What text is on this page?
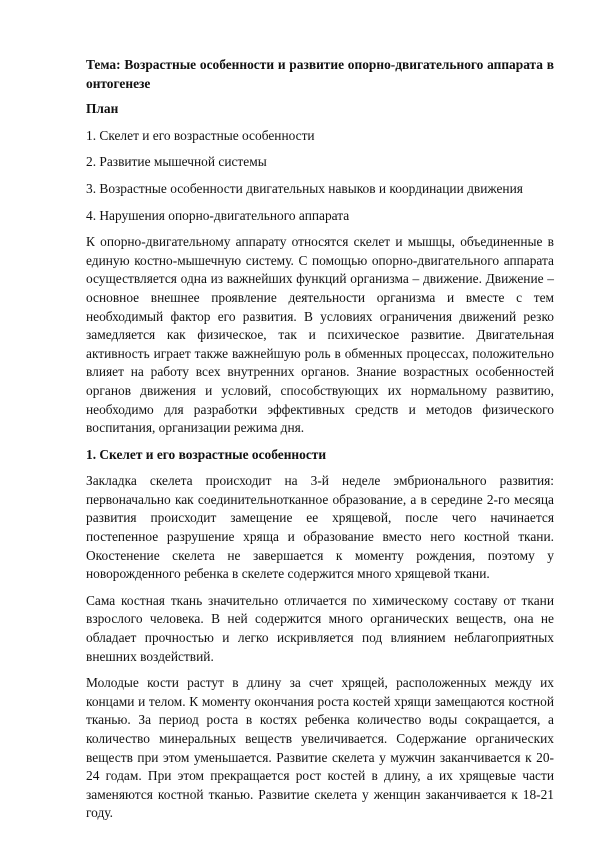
Тема: Возрастные особенности и развитие опорно-двигательного аппарата в онтогенезе
План
1. Скелет и его возрастные особенности
2. Развитие мышечной системы
3. Возрастные особенности двигательных навыков и координации движения
4. Нарушения опорно-двигательного аппарата

К опорно-двигательному аппарату относятся скелет и мышцы, объединенные в единую костно-мышечную систему. С помощью опорно-двигательного аппарата осуществляется одна из важнейших функций организма – движение. Движение – основное внешнее проявление деятельности организма и вместе с тем необходимый фактор его развития. В условиях ограничения движений резко замедляется как физическое, так и психическое развитие. Двигательная активность играет также важнейшую роль в обменных процессах, положительно влияет на работу всех внутренних органов. Знание возрастных особенностей органов движения и условий, способствующих их нормальному развитию, необходимо для разработки эффективных средств и методов физического воспитания, организации режима дня.

1. Скелет и его возрастные особенности

Закладка скелета происходит на 3-й неделе эмбрионального развития: первоначально как соединительнотканное образование, а в середине 2-го месяца развития происходит замещение ее хрящевой, после чего начинается постепенное разрушение хряща и образование вместо него костной ткани. Окостенение скелета не завершается к моменту рождения, поэтому у новорожденного ребенка в скелете содержится много хрящевой ткани.

Сама костная ткань значительно отличается по химическому составу от ткани взрослого человека. В ней содержится много органических веществ, она не обладает прочностью и легко искривляется под влиянием неблагоприятных внешних воздействий.

Молодые кости растут в длину за счет хрящей, расположенных между их концами и телом. К моменту окончания роста костей хрящи замещаются костной тканью. За период роста в костях ребенка количество воды сокращается, а количество минеральных веществ увеличивается. Содержание органических веществ при этом уменьшается. Развитие скелета у мужчин заканчивается к 20-24 годам. При этом прекращается рост костей в длину, а их хрящевые части заменяются костной тканью. Развитие скелета у женщин заканчивается к 18-21 году.
